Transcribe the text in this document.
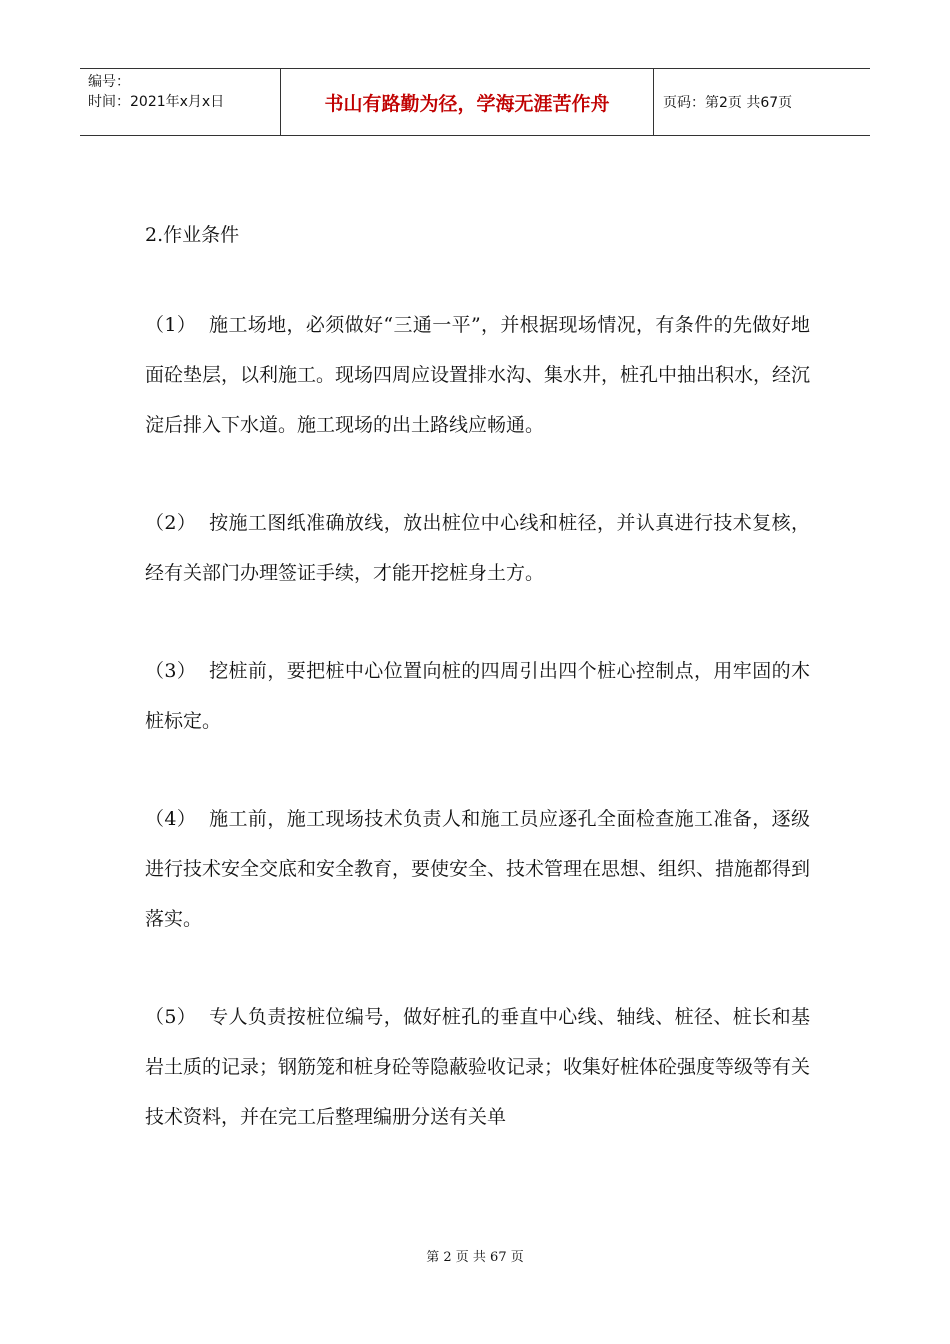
编号：
时间：2021年x月x日	书山有路勤为径，学海无涯苦作舟	页码：第2页 共67页
2.作业条件
（1）  施工场地，必须做好“三通一平”，并根据现场情况，有条件的先做好地面砼垫层，以利施工。现场四周应设置排水沟、集水井，桩孔中抽出积水，经沉淀后排入下水道。施工现场的出土路线应畅通。
（2）  按施工图纸准确放线，放出桩位中心线和桩径，并认真进行技术复核，经有关部门办理签证手续，才能开挖桩身土方。
（3）  挖桩前，要把桩中心位置向桩的四周引出四个桩心控制点，用牢固的木桩标定。
（4）  施工前，施工现场技术负责人和施工员应逐孔全面检查施工准备，逐级进行技术安全交底和安全教育，要使安全、技术管理在思想、组织、措施都得到落实。
（5）  专人负责按桩位编号，做好桩孔的垂直中心线、轴线、桩径、桩长和基岩土质的记录；钢筋笼和桩身砼等隐蔽验收记录；收集好桩体砼强度等级等有关技术资料，并在完工后整理编册分送有关单
第 2 页 共 67 页
